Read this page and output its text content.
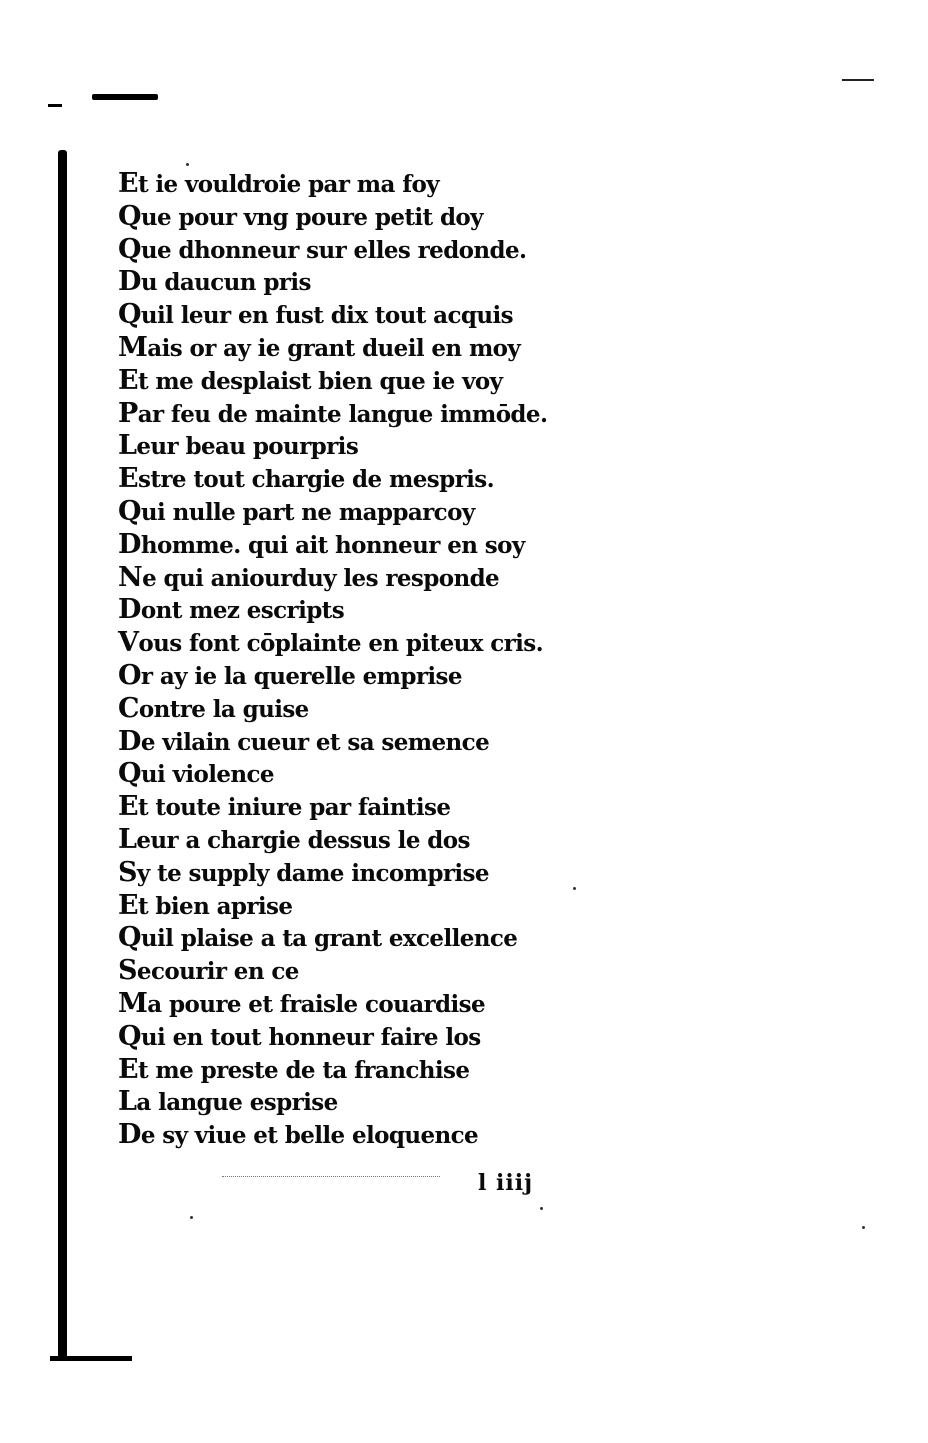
Et ie vouldroie par ma foy
Que pour vng poure petit doy
Que dhonneur sur elles redonde.
Du daucun pris
Quil leur en fust dix tout acquis
Mais or ay ie grant dueil en moy
Et me desplaist bien que ie voy
Par feu de mainte langue immōde.
Leur beau pourpris
Estre tout chargie de mespris.
Qui nulle part ne mapparcoy
Dhomme. qui ait honneur en soy
Ne qui aniourduy les responde
Dont mez escripts
Vous font cōplainte en piteux cris.
Or ay ie la querelle emprise
Contre la guise
De vilain cueur et sa semence
Qui violence
Et toute iniure par faintise
Leur a chargie dessus le dos
Sy te supply dame incomprise
Et bien aprise
Quil plaise a ta grant excellence
Secourir en ce
Ma poure et fraisle couardise
Qui en tout honneur faire los
Et me preste de ta franchise
La langue esprise
De sy viue et belle eloquence
l iiij
